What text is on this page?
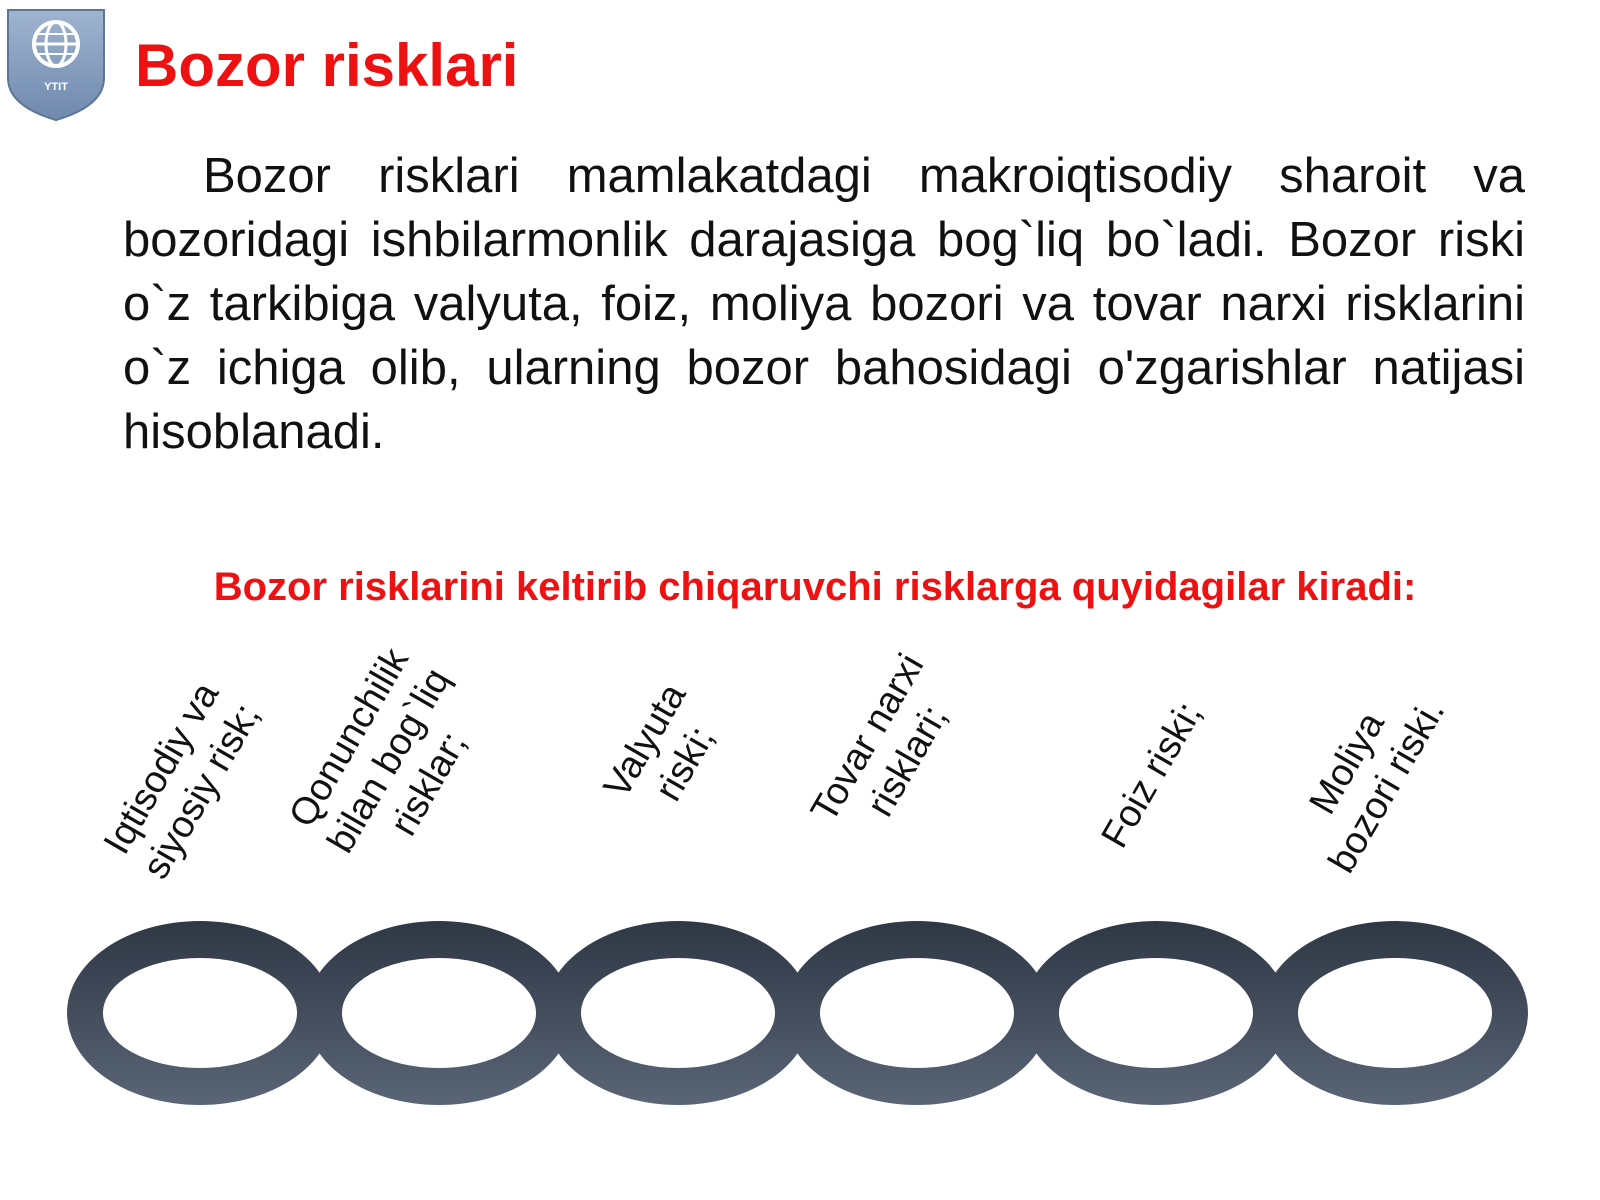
YTIT Bozor risklari

Bozor risklari mamlakatdagi makroiqtisodiy sharoit va bozoridagi ishbilarmonlik darajasiga bog`liq bo`ladi. Bozor riski o`z tarkibiga valyuta, foiz, moliya bozori va tovar narxi risklarini o`z ichiga olib, ularning bozor bahosidagi o'zgarishlar natijasi hisoblanadi.

Bozor risklarini keltirib chiqaruvchi risklarga quyidagilar kiradi:
Iqtisodiy va
siyosiy risk; Qonunchilik
bilan bog`liq
risklar;	Valyuta
riski;	Tovar narxi
risklari;	Foiz riski;	Moliya
bozori riski.
